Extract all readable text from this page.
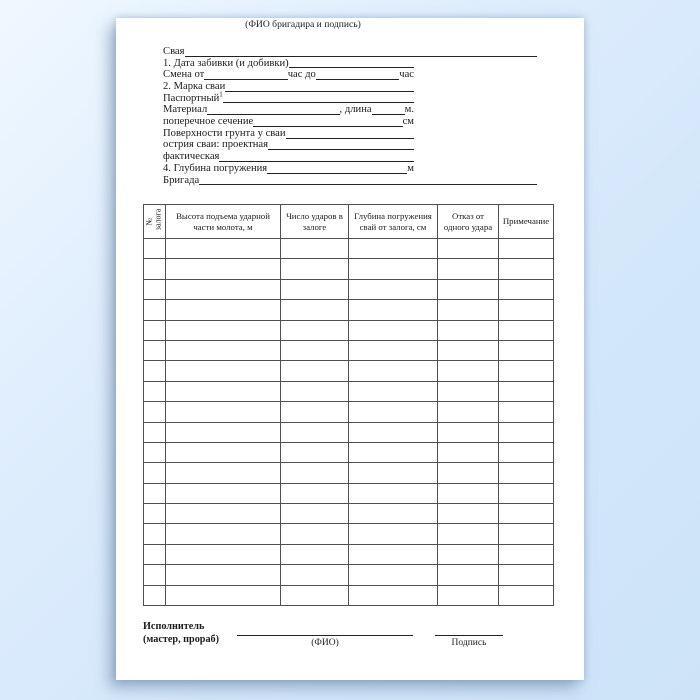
Свая
1. Дата забивки (и добивки)
Смена от	час до	час
2. Марка сваи
Паспортный$^1$
Материал	, длина	м.
поперечное сечение	см
Поверхности грунта у сваи
острия сваи: проектная
фактическая
4. Глубина погружения	м
Бригада
(ФИО бригадира и подпись)
№ залога	Высота подъема ударной части молота, м	Число ударов в залоге	Глубина погружения свай от залога, см	Отказ от одного удара	Примечание

Исполнитель
(мастер, прораб)	(ФИО)	Подпись
